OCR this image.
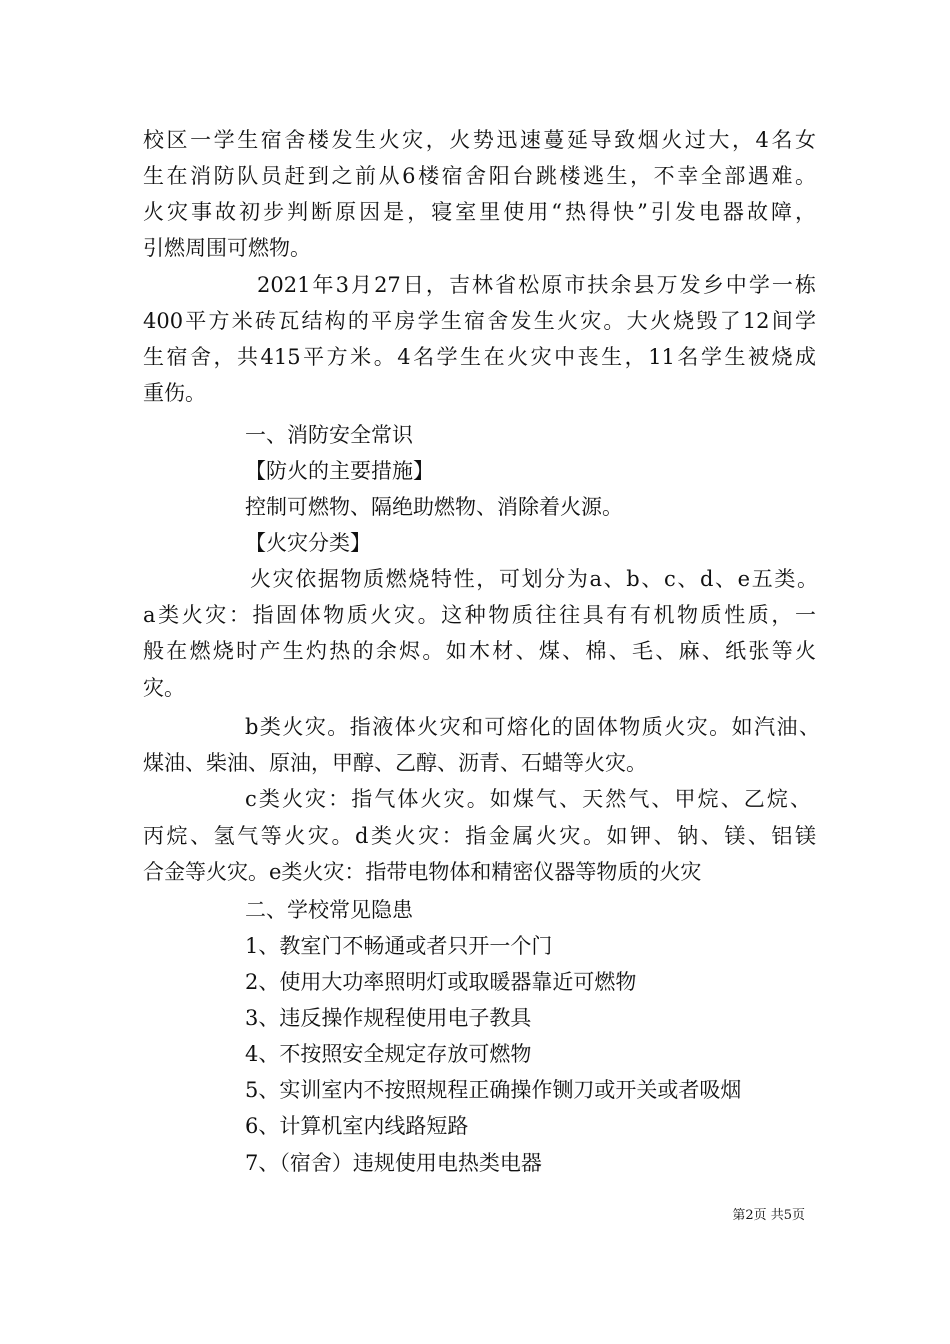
校区一学生宿舍楼发生火灾，火势迅速蔓延导致烟火过大，4名女
生在消防队员赶到之前从6楼宿舍阳台跳楼逃生，不幸全部遇难。
火灾事故初步判断原因是，寝室里使用“热得快”引发电器故障，
引燃周围可燃物。
2021年3月27日，吉林省松原市扶余县万发乡中学一栋
400平方米砖瓦结构的平房学生宿舍发生火灾。大火烧毁了12间学
生宿舍，共415平方米。4名学生在火灾中丧生，11名学生被烧成
重伤。
一、消防安全常识
【防火的主要措施】
控制可燃物、隔绝助燃物、消除着火源。
【火灾分类】
火灾依据物质燃烧特性，可划分为a、b、c、d、e五类。
a类火灾：指固体物质火灾。这种物质往往具有有机物质性质，一
般在燃烧时产生灼热的余烬。如木材、煤、棉、毛、麻、纸张等火
灾。
b类火灾。指液体火灾和可熔化的固体物质火灾。如汽油、
煤油、柴油、原油，甲醇、乙醇、沥青、石蜡等火灾。
c类火灾：指气体火灾。如煤气、天然气、甲烷、乙烷、
丙烷、氢气等火灾。d类火灾：指金属火灾。如钾、钠、镁、铝镁
合金等火灾。e类火灾：指带电物体和精密仪器等物质的火灾
二、学校常见隐患
1、教室门不畅通或者只开一个门
2、使用大功率照明灯或取暖器靠近可燃物
3、违反操作规程使用电子教具
4、不按照安全规定存放可燃物
5、实训室内不按照规程正确操作铡刀或开关或者吸烟
6、计算机室内线路短路
7、（宿舍）违规使用电热类电器
第2页 共5页
